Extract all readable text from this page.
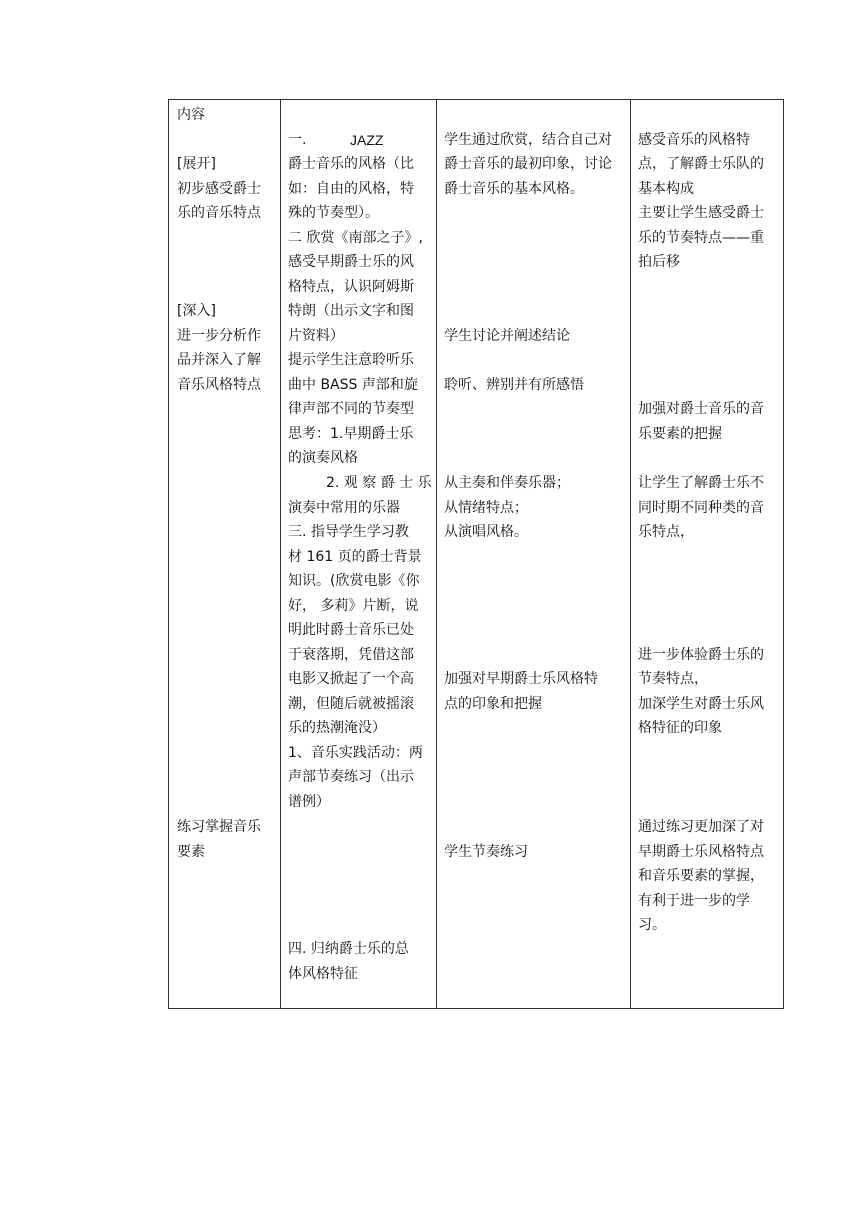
内容
[展开]
初步感受爵士
乐的音乐特点
[深入]
进一步分析作
品并深入了解
音乐风格特点
练习掌握音乐
要素
一.	JAZZ
爵士音乐的风格（比
如：自由的风格，特
殊的节奏型）。
二 欣赏《南部之子》,
感受早期爵士乐的风
格特点，认识阿姆斯
特朗（出示文字和图
片资料）
提示学生注意聆听乐
曲中 BASS 声部和旋
律声部不同的节奏型
思考：1.早期爵士乐
的演奏风格
2. 观 察 爵 士 乐
演奏中常用的乐器
三. 指导学生学习教
材 161 页的爵士背景
知识。(欣赏电影《你
好， 多莉》片断，说
明此时爵士音乐已处
于衰落期，凭借这部
电影又掀起了一个高
潮，但随后就被摇滚
乐的热潮淹没）
1、音乐实践活动：两
声部节奏练习（出示
谱例）
四. 归纳爵士乐的总
体风格特征
学生通过欣赏，结合自己对
爵士音乐的最初印象，讨论
爵士音乐的基本风格。
学生讨论并阐述结论
聆听、辨别并有所感悟
从主奏和伴奏乐器；
从情绪特点；
从演唱风格。
加强对早期爵士乐风格特
点的印象和把握
学生节奏练习
感受音乐的风格特
点，了解爵士乐队的
基本构成
主要让学生感受爵士
乐的节奏特点——重
拍后移
加强对爵士音乐的音
乐要素的把握
让学生了解爵士乐不
同时期不同种类的音
乐特点，
进一步体验爵士乐的
节奏特点，
加深学生对爵士乐风
格特征的印象
通过练习更加深了对
早期爵士乐风格特点
和音乐要素的掌握，
有利于进一步的学
习。
